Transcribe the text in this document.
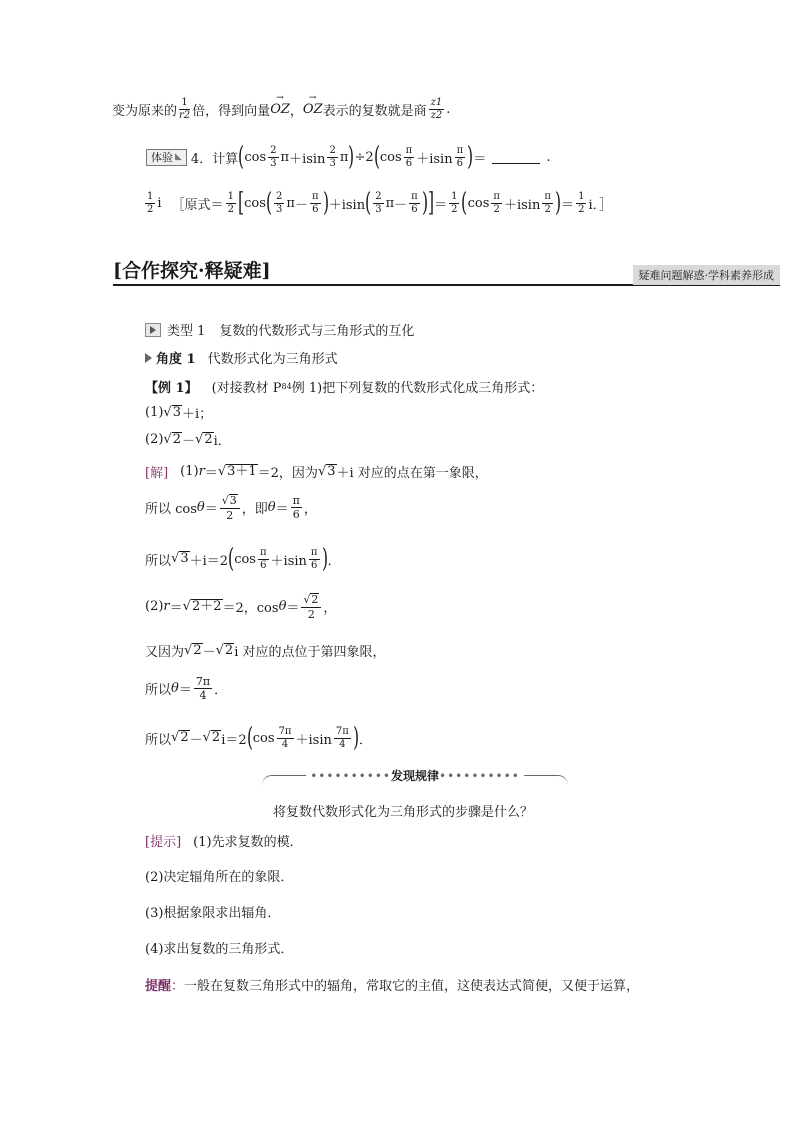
变为原来的 $\frac{1}{r2}$ 倍，得到向量
→
OZ ，
→
OZ 表示的复数就是商 $\frac{z1}{z2}$ .
体验 ◣ 4．计算 ( $\cos \frac{2}{3}$ $\pi +isin \frac{2}{3}$ π ) ÷2 ( $\cos \frac{\pi}{6} +isin \frac{\pi}{6}$ ) ＝	.
$\frac{1}{2}$ i ［原式＝ $\frac{1}{2}$ [ cos ( $\frac{2}{3}$ $\pi - \frac{\pi}{6}$ ) ＋isin ( $\frac{2}{3}$ $\pi - \frac{\pi}{6}$ ) ] ＝ $\frac{1}{2}$ ( $\cos \frac{\pi}{2} +isin \frac{\pi}{2}$ ) ＝ $\frac{1}{2}$ i．］
[合作探究·释疑难]	疑难问题解惑·学科素养形成
类型 1 复数的代数形式与三角形式的互化
角度 1 代数形式化为三角形式
【例 1】 (对接教材 P 84 例 1)把下列复数的代数形式化成三角形式：
(1) √ 3 ＋i；
(2) √ 2 － √ 2 i．
[解] (1) r ＝ √ 3＋1 ＝2，因为 √ 3 ＋i 对应的点在第一象限，
所以 $\cos \theta = \frac{√3}{2}$ ，即 $\theta = \frac{\pi}{6}$ ，
所以 √ 3 ＋i＝2 ( $\cos \frac{\pi}{6} +isin \frac{\pi}{6}$ ) ．
(2) r ＝ √ 2＋2 ＝2，$\cos \theta = \frac{√2}{2}$ ，
又因为 √ 2 － √ 2 i 对应的点位于第四象限，
所以 $\theta = \frac{7\pi}{4}$ ．
所以 √ 2 － √ 2 i＝2 ( $\cos \frac{7\pi}{4} +isin \frac{7\pi}{4}$ ) ．
••••••••••发现规律••••••••••
将复数代数形式化为三角形式的步骤是什么？
[提示] (1)先求复数的模．
(2)决定辐角所在的象限．
(3)根据象限求出辐角．
(4)求出复数的三角形式．
提醒 ： 一般在复数三角形式中的辐角，常取它的主值，这使表达式简便，又便于运算，
